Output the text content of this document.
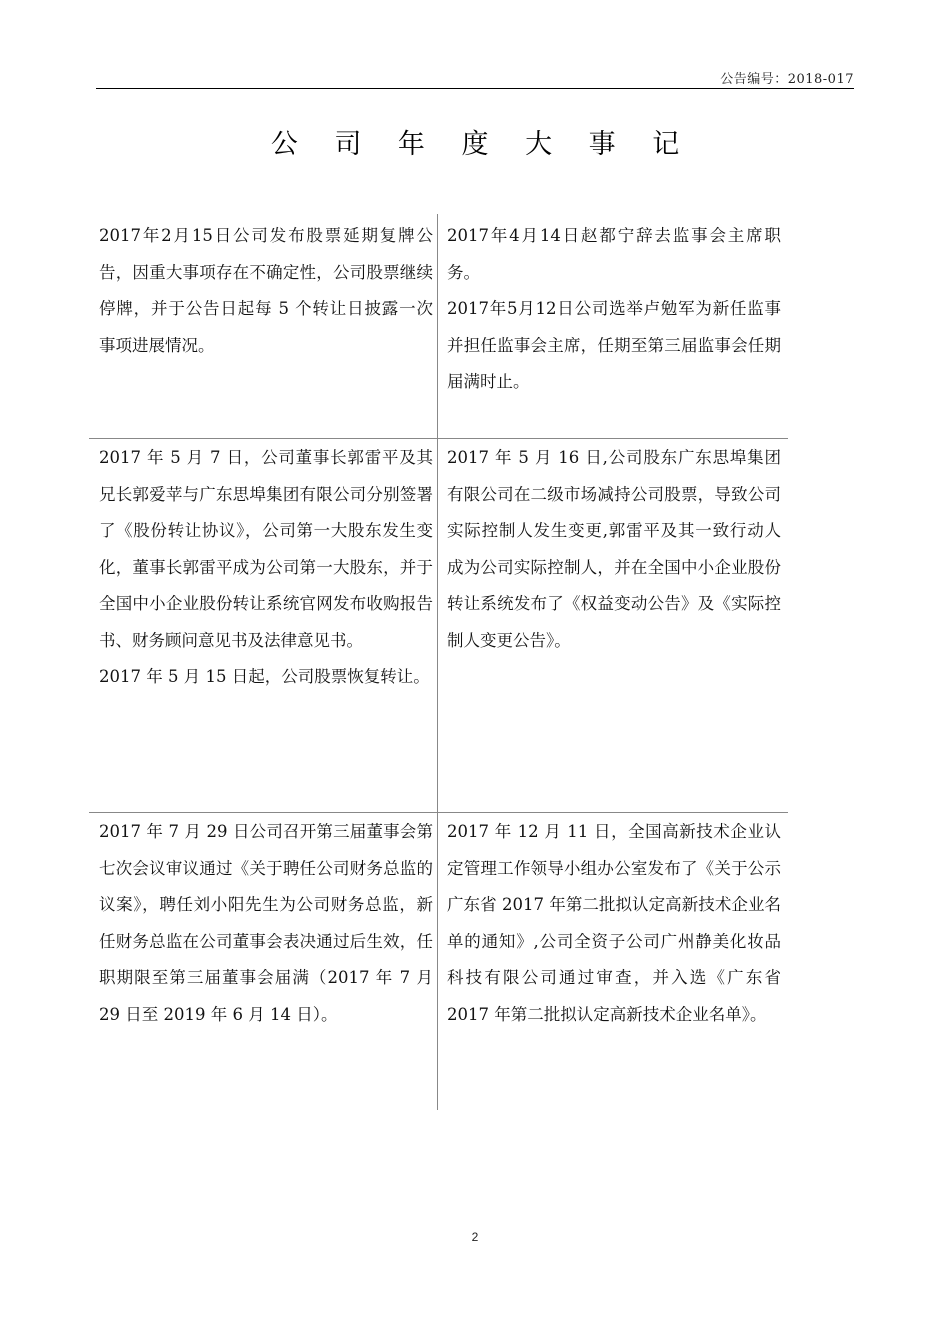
公告编号：2018-017
公 司 年 度 大 事 记

2017年2月15日公司发布股票延期复牌公告，因重大事项存在不确定性，公司股票继续停牌，并于公告日起每 5 个转让日披露一次事项进展情况。

2017年4月14日赵都宁辞去监事会主席职务。

2017年5月12日公司选举卢勉军为新任监事并担任监事会主席，任期至第三届监事会任期届满时止。

2017 年 5 月 7 日，公司董事长郭雷平及其兄长郭爱苹与广东思埠集团有限公司分别签署了《股份转让协议》，公司第一大股东发生变化，董事长郭雷平成为公司第一大股东，并于全国中小企业股份转让系统官网发布收购报告书、财务顾问意见书及法律意见书。

2017 年 5 月 15 日起，公司股票恢复转让。

2017 年 5 月 16 日,公司股东广东思埠集团有限公司在二级市场减持公司股票，导致公司实际控制人发生变更,郭雷平及其一致行动人成为公司实际控制人，并在全国中小企业股份转让系统发布了《权益变动公告》及《实际控制人变更公告》。

2017 年 7 月 29 日公司召开第三届董事会第七次会议审议通过《关于聘任公司财务总监的议案》，聘任刘小阳先生为公司财务总监，新任财务总监在公司董事会表决通过后生效，任职期限至第三届董事会届满（2017 年 7 月 29 日至 2019 年 6 月 14 日）。

2017 年 12 月 11 日，全国高新技术企业认定管理工作领导小组办公室发布了《关于公示广东省 2017 年第二批拟认定高新技术企业名单的通知》,公司全资子公司广州静美化妆品科技有限公司通过审查，并入选《广东省 2017 年第二批拟认定高新技术企业名单》。

2
